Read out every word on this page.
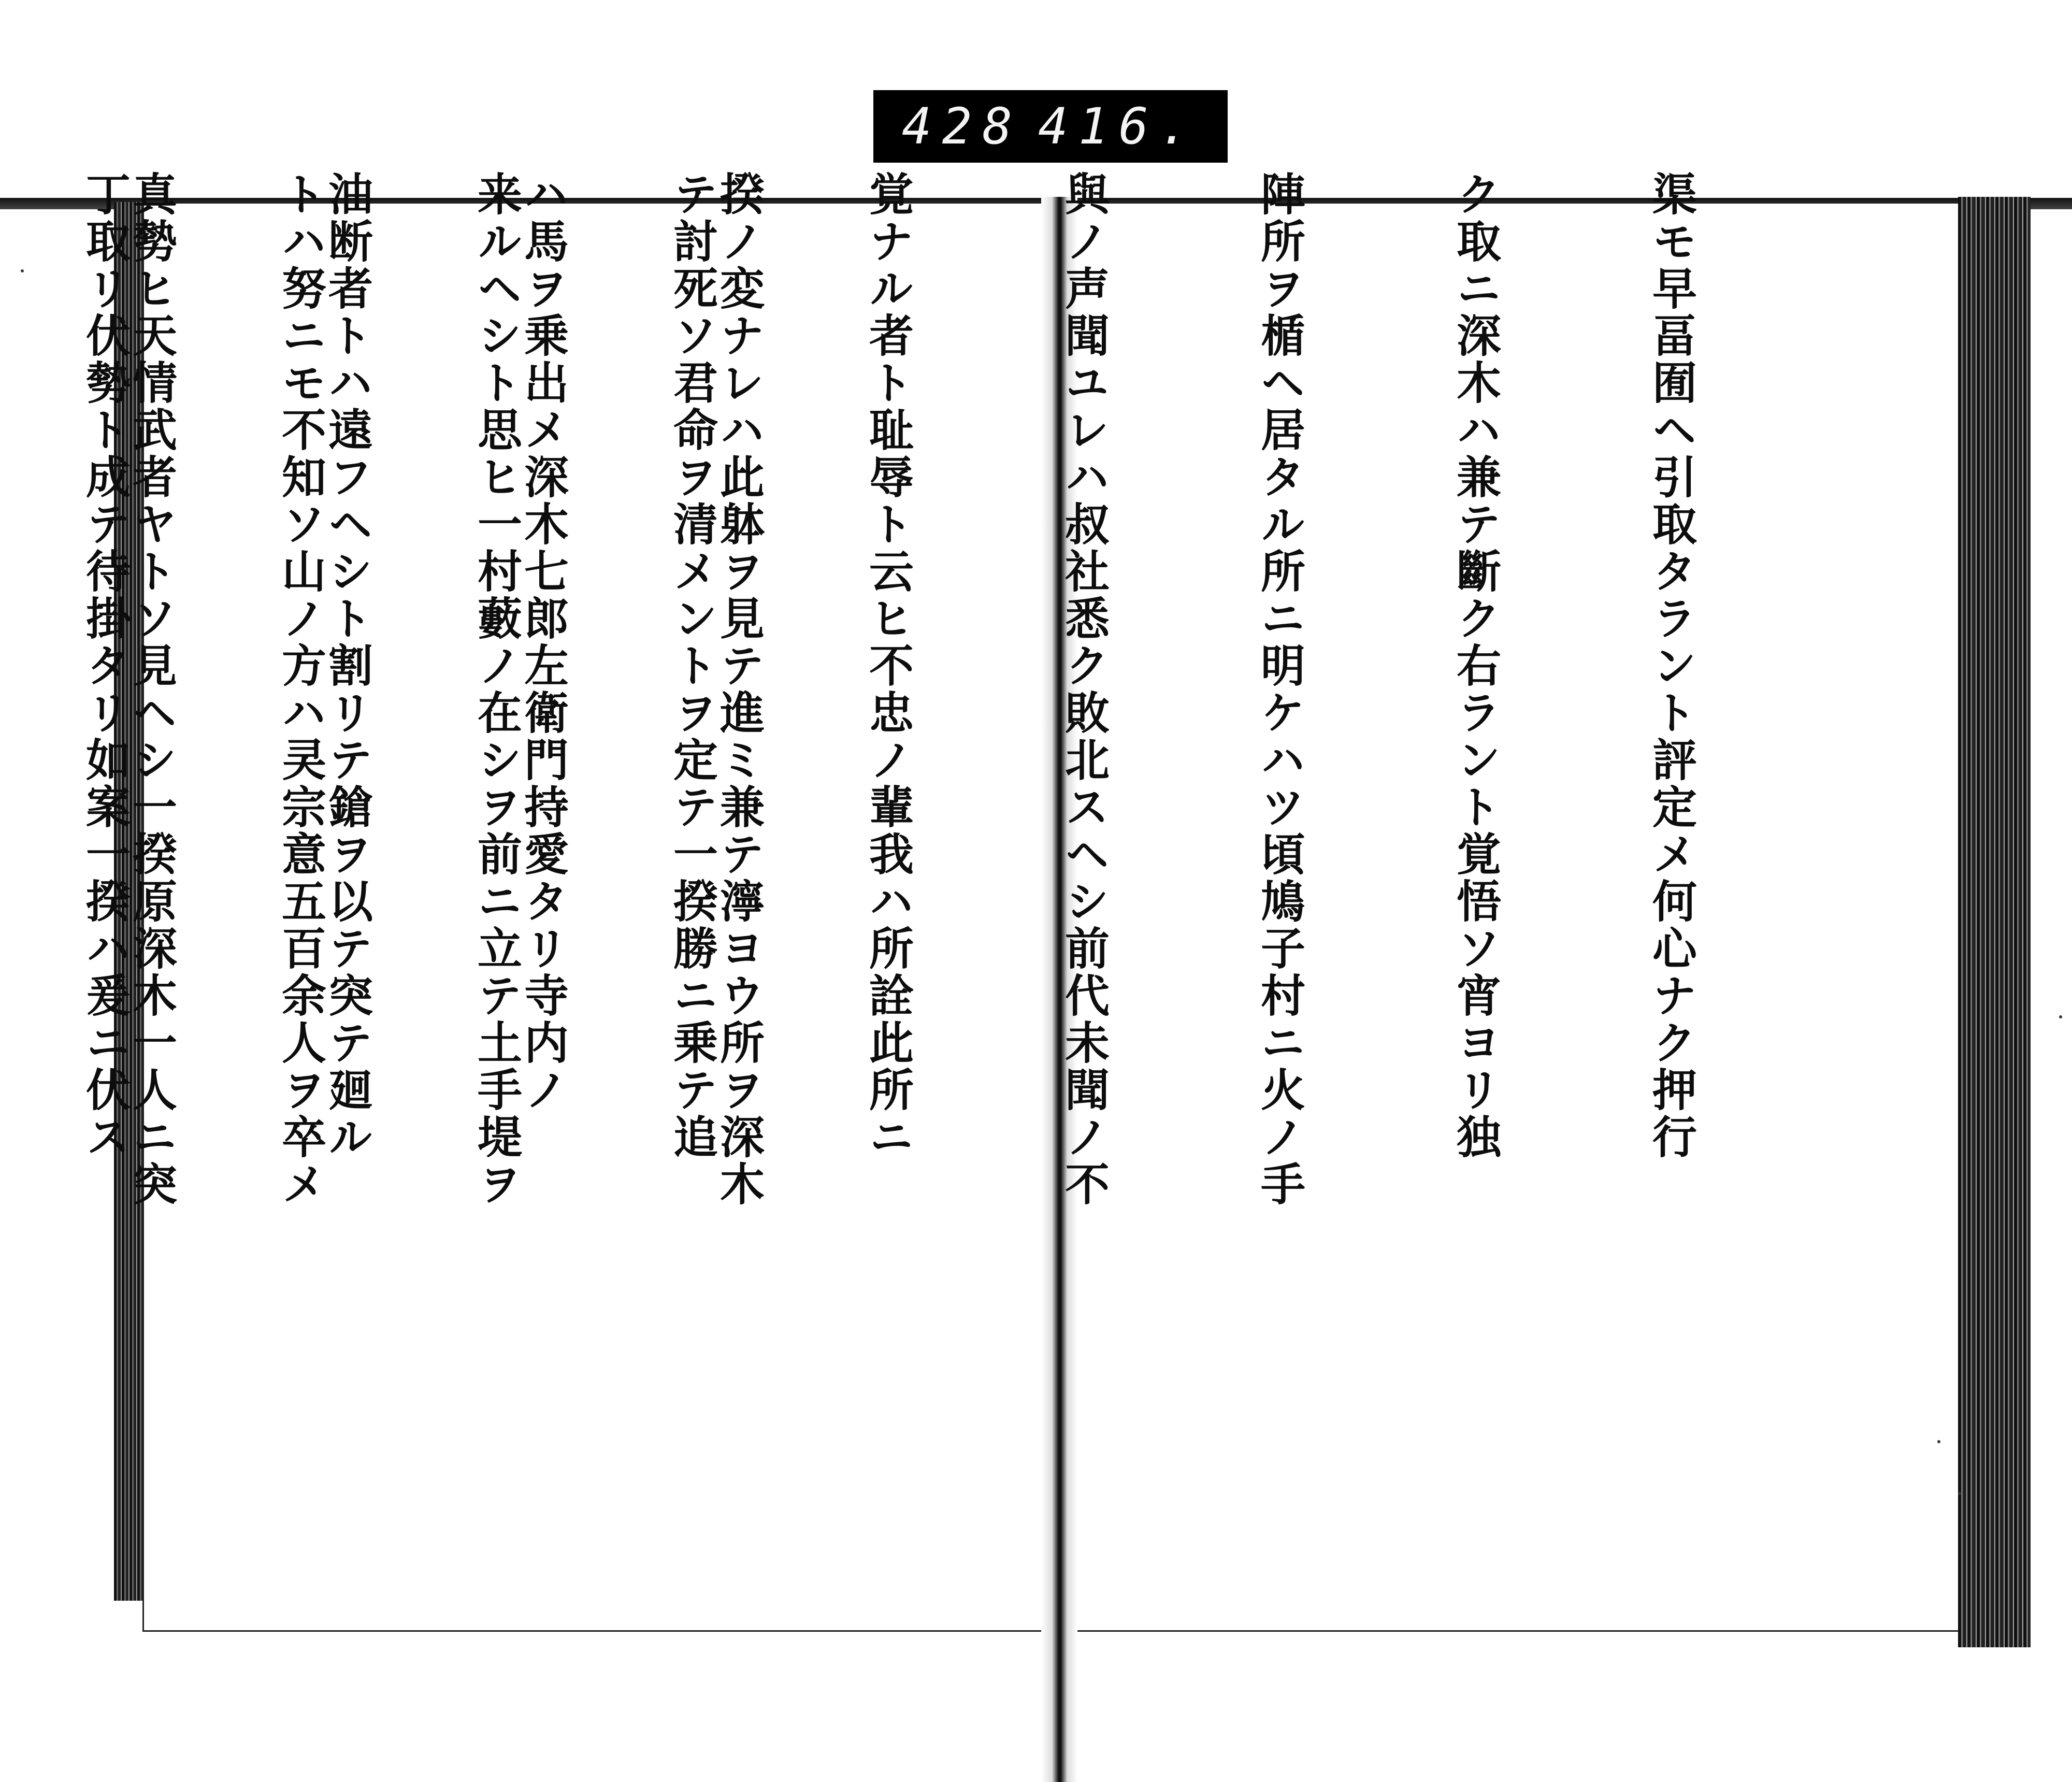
428 416.

渠モ早畐囿ヘ引取タラント評定メ何心ナク押行

ク取ニ深木ハ兼テ斷ク右ラント覚悟ソ宵ヨリ独

陣所ヲ楯ヘ居タル所ニ明ケハツ頃鳩子村ニ火ノ手

與ノ声聞ユレハ叔社悉ク敗北スヘシ前代未聞ノ不

覚ナル者ト耻辱ト云ヒ不忠ノ輩我ハ所詮此所ニ

テ討死ソ君命ヲ清メントヲ定テ一揆勝ニ乗テ追

来ルヘシト思ヒ一村藪ノ在シヲ前ニ立テ土手堤ヲ

トハ努ニモ不知ソ山ノ方ハ㚑宗意五百余人ヲ卒メ

丁取リ伏勢ト成テ待掛タリ如案一揆ハ爰ニ伏ス

	揆ノ変ナレハ此躰ヲ見テ進ミ兼テ濘ヨウ所ヲ深木

ハ馬ヲ乗出メ深木七郎左衛門持愛タリ寺内ノ

油断者トハ遠フヘシト割リテ鎗ヲ以テ突テ廻ル

真勢ヒ天情武者ヤトソ見ヘシ一揆原深木一人ニ突
